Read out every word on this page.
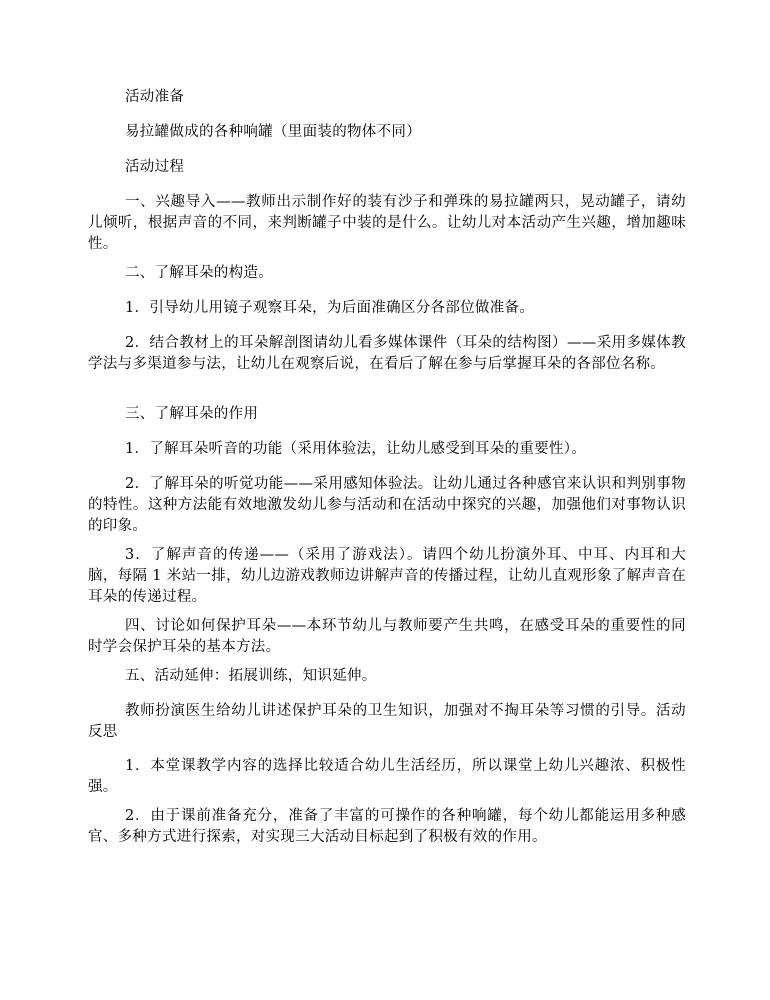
活动准备

易拉罐做成的各种响罐（里面装的物体不同）

活动过程

一、兴趣导入——教师出示制作好的装有沙子和弹珠的易拉罐两只，晃动罐子，请幼儿倾听，根据声音的不同，来判断罐子中装的是什么。让幼儿对本活动产生兴趣，增加趣味性。

二、了解耳朵的构造。

1．引导幼儿用镜子观察耳朵，为后面准确区分各部位做准备。

2．结合教材上的耳朵解剖图请幼儿看多媒体课件（耳朵的结构图）——采用多媒体教学法与多渠道参与法，让幼儿在观察后说，在看后了解在参与后掌握耳朵的各部位名称。

三、了解耳朵的作用

1．了解耳朵听音的功能（采用体验法，让幼儿感受到耳朵的重要性）。

2．了解耳朵的听觉功能——采用感知体验法。让幼儿通过各种感官来认识和判别事物的特性。这种方法能有效地激发幼儿参与活动和在活动中探究的兴趣，加强他们对事物认识的印象。

3．了解声音的传递——（采用了游戏法）。请四个幼儿扮演外耳、中耳、内耳和大脑，每隔 1 米站一排，幼儿边游戏教师边讲解声音的传播过程，让幼儿直观形象了解声音在耳朵的传递过程。

四、讨论如何保护耳朵——本环节幼儿与教师要产生共鸣，在感受耳朵的重要性的同时学会保护耳朵的基本方法。

五、活动延伸：拓展训练，知识延伸。

教师扮演医生给幼儿讲述保护耳朵的卫生知识，加强对不掏耳朵等习惯的引导。活动反思

1．本堂课教学内容的选择比较适合幼儿生活经历，所以课堂上幼儿兴趣浓、积极性强。

2．由于课前准备充分，准备了丰富的可操作的各种响罐，每个幼儿都能运用多种感官、多种方式进行探索，对实现三大活动目标起到了积极有效的作用。
